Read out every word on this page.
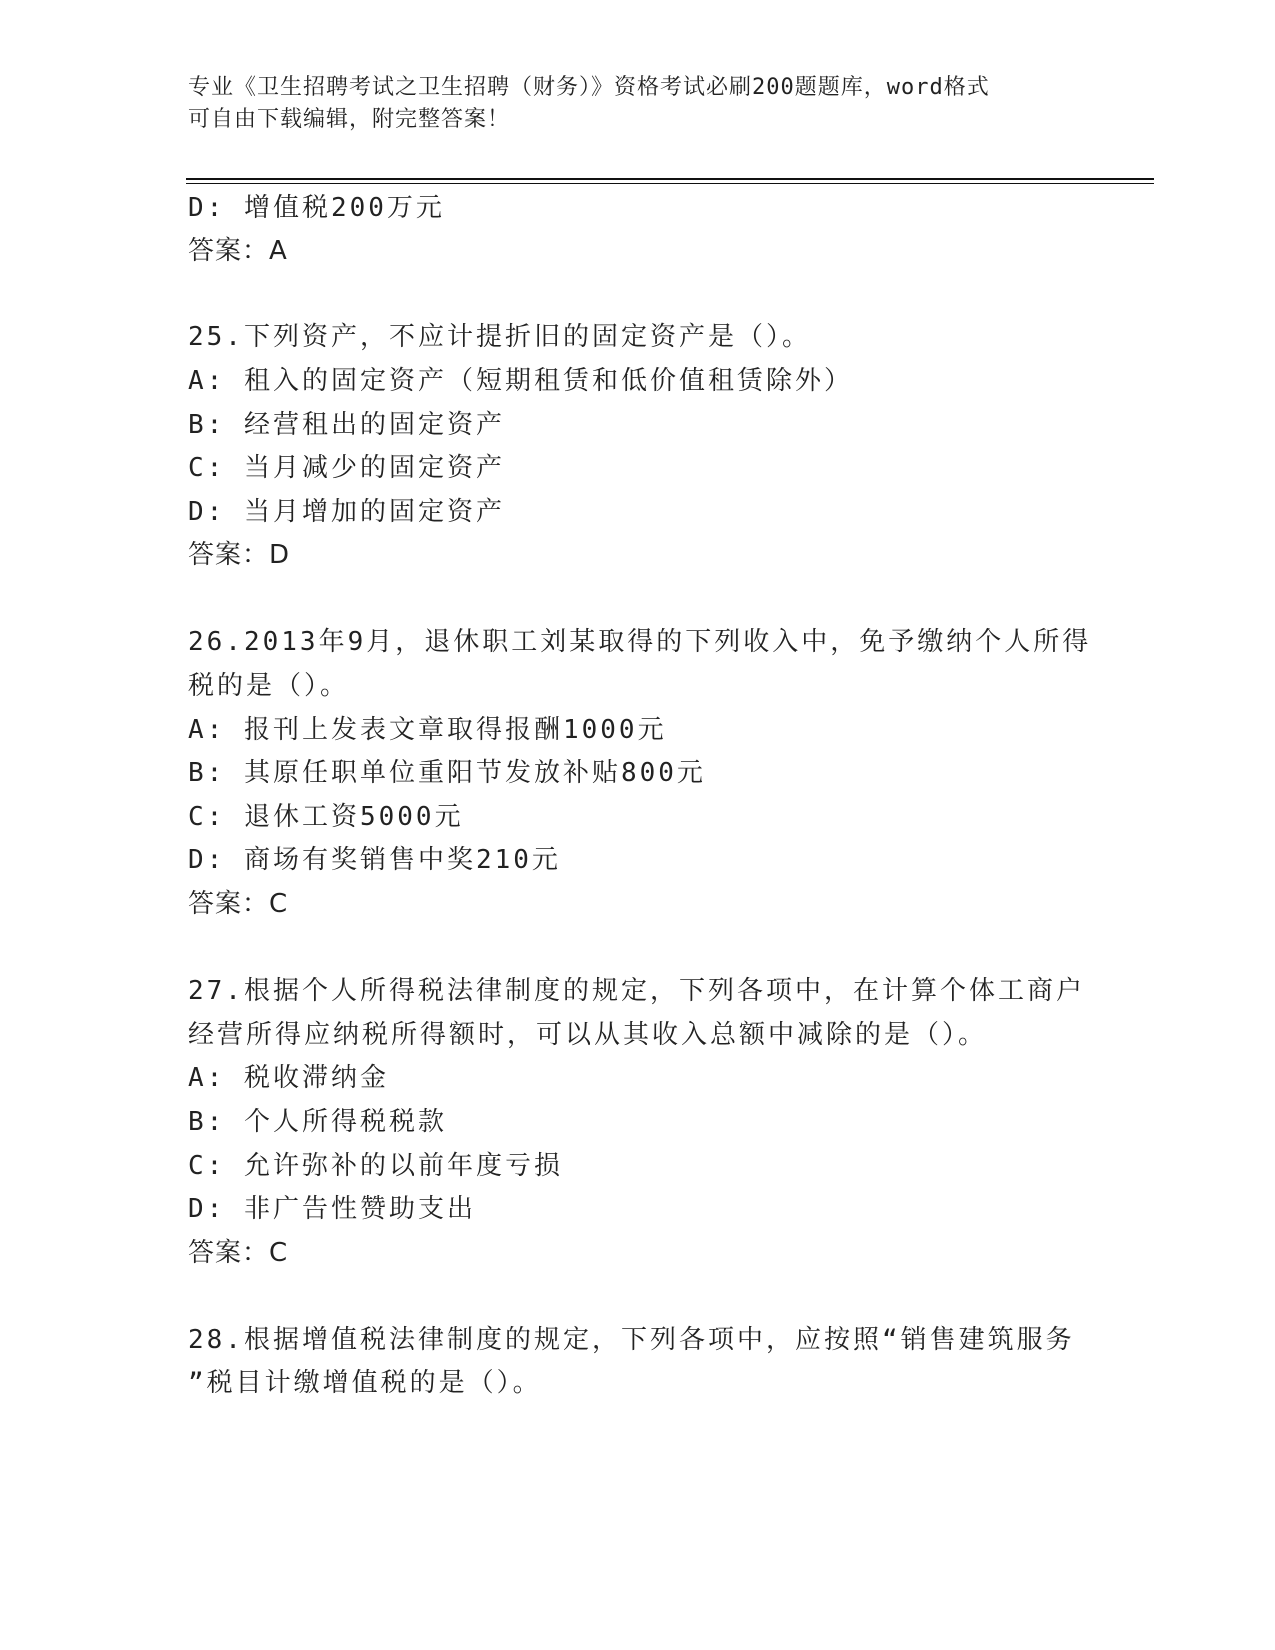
专业《卫生招聘考试之卫生招聘（财务）》资格考试必刷200题题库，word格式
可自由下载编辑，附完整答案！
D: 增值税200万元
答案：A
25.下列资产，不应计提折旧的固定资产是（）。
A: 租入的固定资产（短期租赁和低价值租赁除外）
B: 经营租出的固定资产
C: 当月减少的固定资产
D: 当月增加的固定资产
答案：D
26.2013年9月，退休职工刘某取得的下列收入中，免予缴纳个人所得
税的是（）。
A: 报刊上发表文章取得报酬1000元
B: 其原任职单位重阳节发放补贴800元
C: 退休工资5000元
D: 商场有奖销售中奖210元
答案：C
27.根据个人所得税法律制度的规定，下列各项中，在计算个体工商户
经营所得应纳税所得额时，可以从其收入总额中减除的是（）。
A: 税收滞纳金
B: 个人所得税税款
C: 允许弥补的以前年度亏损
D: 非广告性赞助支出
答案：C
28.根据增值税法律制度的规定，下列各项中，应按照“销售建筑服务
”税目计缴增值税的是（）。
